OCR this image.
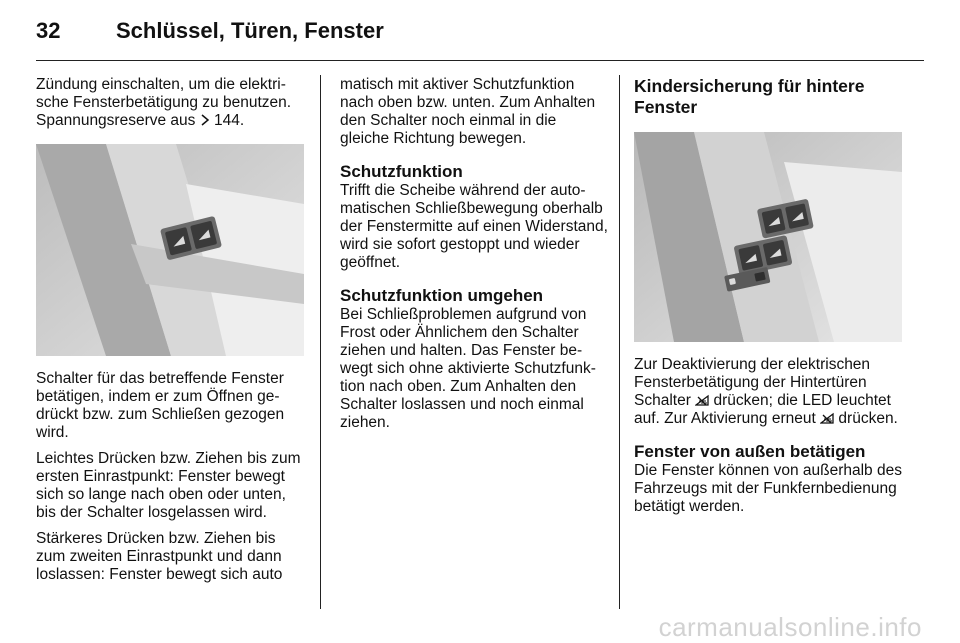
32	Schlüssel, Türen, Fenster

Zündung einschalten, um die elektrische Fensterbetätigung zu benutzen. Spannungsreserve aus  144.

Schalter für das betreffende Fenster betätigen, indem er zum Öffnen gedrückt bzw. zum Schließen gezogen wird.

Leichtes Drücken bzw. Ziehen bis zum ersten Einrastpunkt: Fenster bewegt sich so lange nach oben oder unten, bis der Schalter losgelassen wird.

Stärkeres Drücken bzw. Ziehen bis zum zweiten Einrastpunkt und dann loslassen: Fenster bewegt sich auto

matisch mit aktiver Schutzfunktion nach oben bzw. unten. Zum Anhalten den Schalter noch einmal in die gleiche Richtung bewegen.

Schutzfunktion

Trifft die Scheibe während der automatischen Schließbewegung oberhalb der Fenstermitte auf einen Widerstand, wird sie sofort gestoppt und wieder geöffnet.

Schutzfunktion umgehen

Bei Schließproblemen aufgrund von Frost oder Ähnlichem den Schalter ziehen und halten. Das Fenster bewegt sich ohne aktivierte Schutzfunktion nach oben. Zum Anhalten den Schalter loslassen und noch einmal ziehen.

Kindersicherung für hintere Fenster

Zur Deaktivierung der elektrischen Fensterbetätigung der Hintertüren Schalter  drücken; die LED leuchtet auf. Zur Aktivierung erneut  drücken.

Fenster von außen betätigen

Die Fenster können von außerhalb des Fahrzeugs mit der Funkfernbedienung betätigt werden.

carmanualsonline.info
